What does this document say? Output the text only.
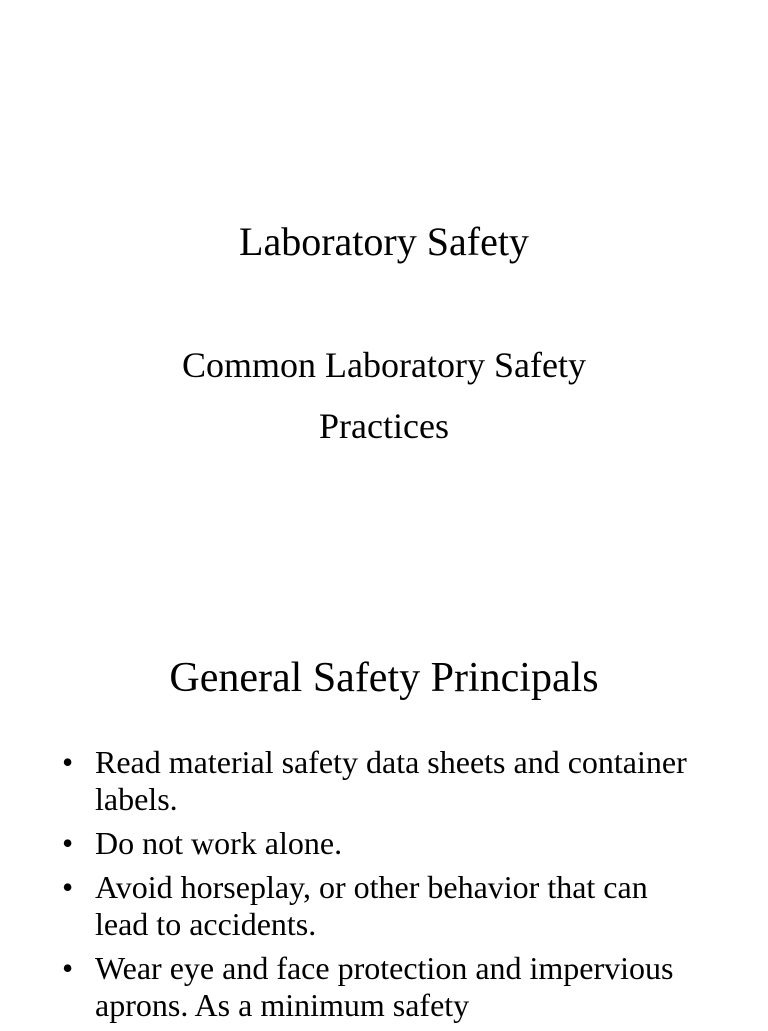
Laboratory Safety
Common Laboratory Safety
Practices
General Safety Principals
• Read material safety data sheets and container labels.
• Do not work alone.
• Avoid horseplay, or other behavior that can lead to accidents.
• Wear eye and face protection and impervious aprons. As a minimum safety
